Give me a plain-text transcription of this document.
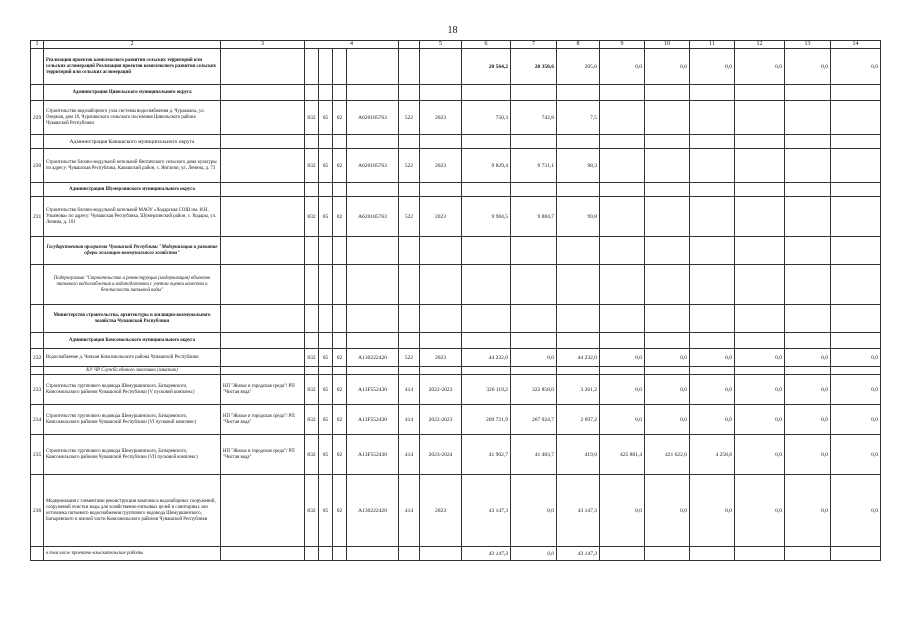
18
1	2	3	4					5	6	7	8	9	10	11	12	13	14
	Реализация проектов комплексного развития сельских территорий или сельских агломераций Реализация проектов комплексного развития сельских территорий или сельских агломераций								20 564,2	20 358,6	205,6	0,0	0,0	0,0	0,0	0,0	0,0
	Администрация Цивильского муниципального округа																
229	Строительство водозаборного узла системы водоснабжения д. Чураккасы, ул. Озерная, дом 18, Чурачикского сельского поселения Цивильского района Чувашской Республики		832	05	02	A620185763	522	2023	750,3	742,8	7,5						
	Администрация Канашского муниципального округа																
230	Строительство блочно-модульной котельной Янгличского сельского дома культуры по адресу: Чувашская Республика, Канашский район, с. Янгличи, ул. Ленина, д. 73		832	05	02	A620185763	522	2023	9 829,4	9 731,1	98,3						
	Администрация Шумерлинского муниципального округа																
231	Строительство блочно-модульной котельной МАОУ «Ходарская СОШ им. И.Н. Ульянова» по адресу: Чувашская Республика, Шумерлинский район, с. Ходары, ул. Ленина, д. 101		832	05	02	A620185763	522	2023	9 984,5	9 884,7	99,8						
	Государственная программа Чувашской Республики "Модернизация и развитие сферы жилищно-коммунального хозяйства"																
	Подпрограмма "Строительство и реконструкция (модернизация) объектов питьевого водоснабжения и водоподготовки с учетом оценки качества и безопасности питьевой воды"																
	Министерство строительства, архитектуры и жилищно-коммунального хозяйства Чувашской Республики																
	Администрация Комсомольского муниципального округа																
232	Водоснабжение д. Чичкан Комсомольского района Чувашской Республики		832	05	02	A130222420	522	2023	44 232,0	0,0	44 232,0	0,0	0,0	0,0	0,0	0,0	0,0
	КУ ЧР Служба единого заказчика (заказчик)																
233	Строительство группового водовода Шемуршинского, Батыревского, Комсомольского районов Чувашской Республики (V пусковой комплекс)	НП "Жилье и городская среда"/ РП "Чистая вода"	832	05	02	A13F552430	414	2022-2023	326 119,2	322 858,0	3 261,2	0,0	0,0	0,0	0,0	0,0	0,0
234	Строительство группового водовода Шемуршинского, Батыревского, Комсомольского районов Чувашской Республики (VI пусковой комплекс)	НП "Жилье и городская среда"/ РП "Чистая вода"	832	05	02	A13F552430	414	2022-2023	269 721,9	267 024,7	2 697,2	0,0	0,0	0,0	0,0	0,0	0,0
235	Строительство группового водовода Шемуршинского, Батыревского, Комсомольского районов Чувашской Республики (VII пусковой комплекс)	НП "Жилье и городская среда"/ РП "Чистая вода"	832	05	02	A13F552430	414	2023-2024	41 902,7	41 483,7	419,0	425 881,4	421 622,6	4 258,8	0,0	0,0	0,0
236	Модернизация с элементами реконструкции комплекса водозаборных сооружений, сооружений очистки воды для хозяйственно-питьевых целей и санитарных зон источника питьевого водоснабжения группового водовода Шемуршинского, Батыревского и южной части Комсомольского районов Чувашской Республики		832	05	02	A130222420	414	2023	43 147,3	0,0	43 147,3	0,0	0,0	0,0	0,0	0,0	0,0
	в том числе проектно-изыскательские работы								43 147,3	0,0	43 147,3						
